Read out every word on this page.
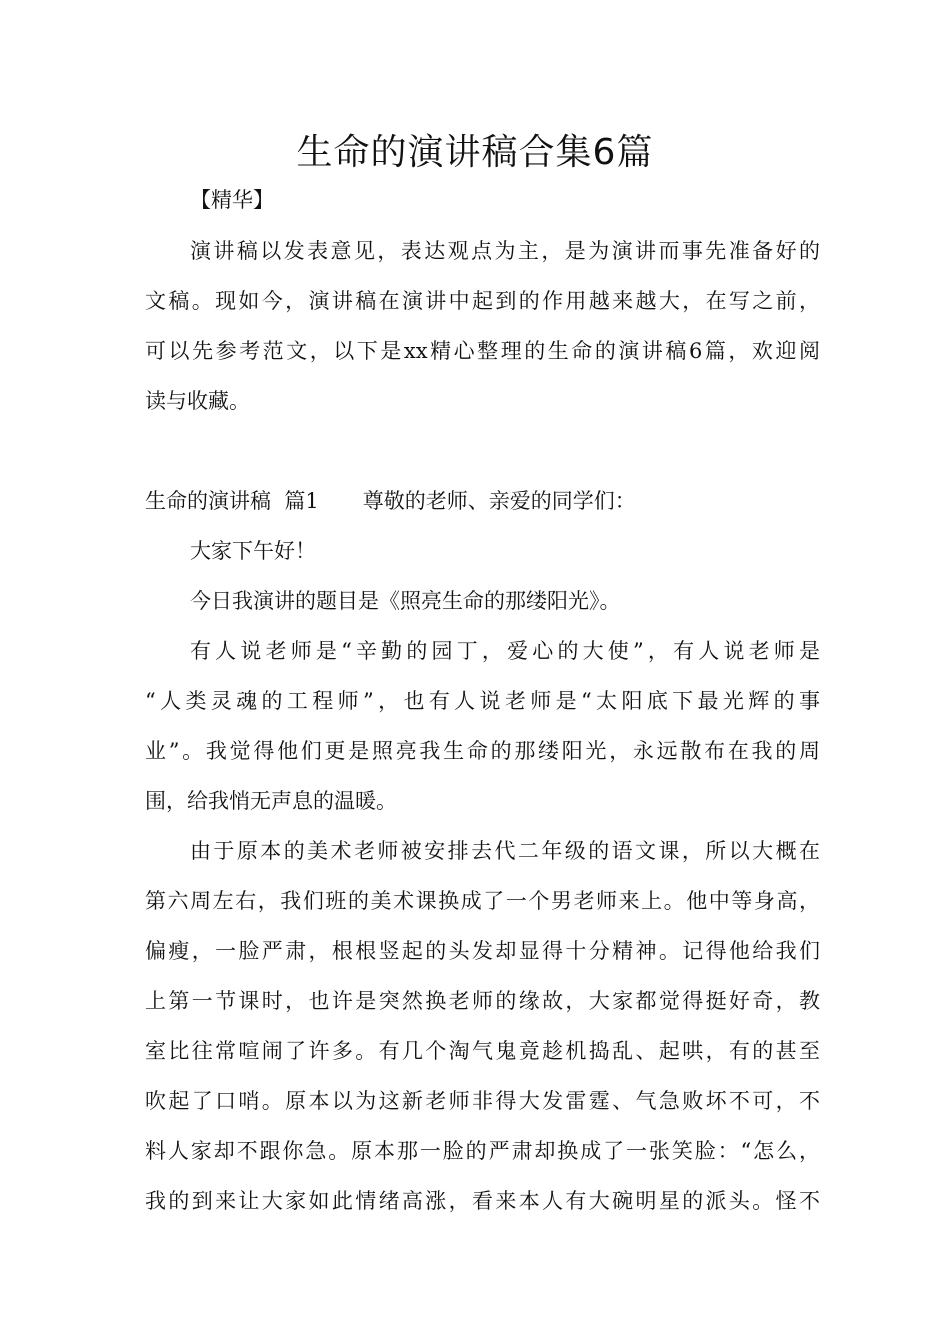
生命的演讲稿合集6篇

【精华】

演讲稿以发表意见，表达观点为主，是为演讲而事先准备好的

文稿。现如今，演讲稿在演讲中起到的作用越来越大，在写之前，

可以先参考范文，以下是xx精心整理的生命的演讲稿6篇，欢迎阅

读与收藏。

生命的演讲稿  篇1 尊敬的老师、亲爱的同学们：

大家下午好！

今日我演讲的题目是《照亮生命的那缕阳光》。

有人说老师是“辛勤的园丁，爱心的大使”，有人说老师是

“人类灵魂的工程师”，也有人说老师是“太阳底下最光辉的事

业”。我觉得他们更是照亮我生命的那缕阳光，永远散布在我的周

围，给我悄无声息的温暖。

由于原本的美术老师被安排去代二年级的语文课，所以大概在

第六周左右，我们班的美术课换成了一个男老师来上。他中等身高，

偏瘦，一脸严肃，根根竖起的头发却显得十分精神。记得他给我们

上第一节课时，也许是突然换老师的缘故，大家都觉得挺好奇，教

室比往常喧闹了许多。有几个淘气鬼竟趁机捣乱、起哄，有的甚至

吹起了口哨。原本以为这新老师非得大发雷霆、气急败坏不可，不

料人家却不跟你急。原本那一脸的严肃却换成了一张笑脸：“怎么，

我的到来让大家如此情绪高涨，看来本人有大碗明星的派头。怪不
